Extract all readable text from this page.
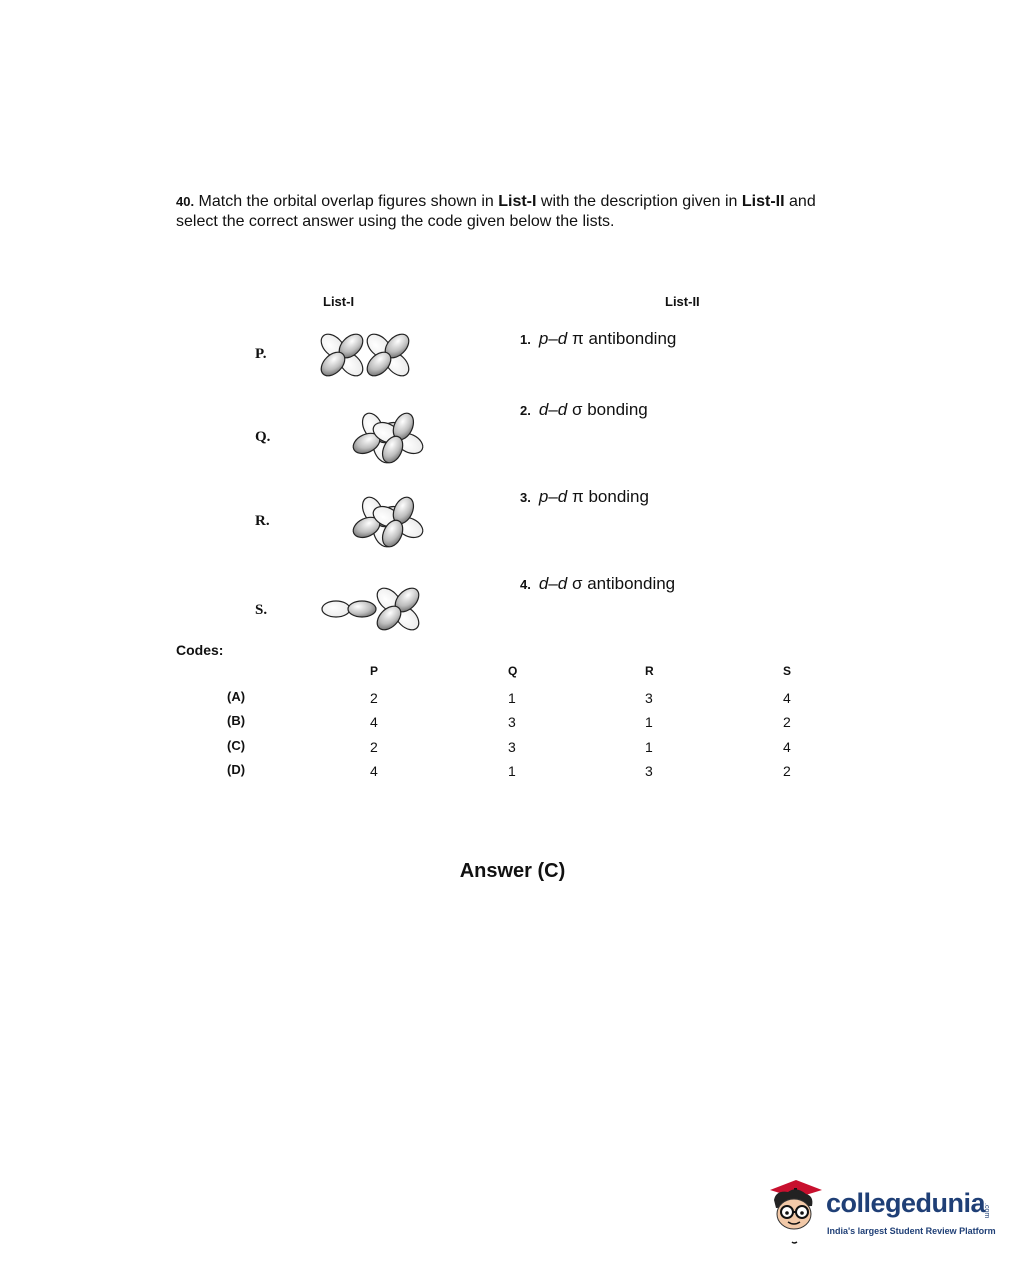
40. Match the orbital overlap figures shown in List-I with the description given in List-II and select the correct answer using the code given below the lists.
List-I	List-II
P.
Q.
R.
S.
1. p–d π antibonding
2. d–d σ bonding
3. p–d π bonding
4. d–d σ antibonding
Codes:
P	Q	R	S
(A)	2	1	3	4
(B)	4	3	1	2
(C)	2	3	1	4
(D)	4	1	3	2
Answer (C)
collegedunia
.com
India's largest Student Review Platform
